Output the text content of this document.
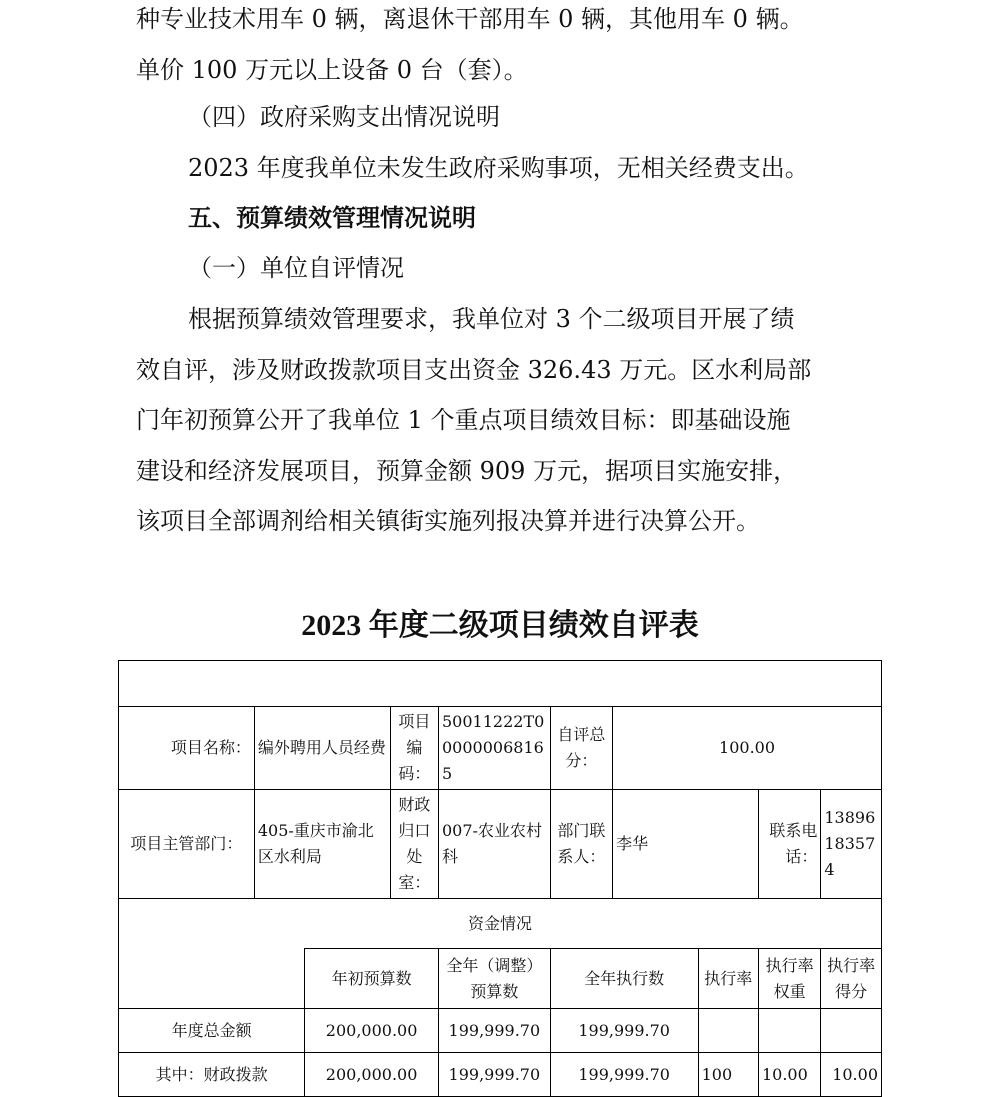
种专业技术用车 0 辆，离退休干部用车 0 辆，其他用车 0 辆。
单价 100 万元以上设备 0 台（套）。
（四）政府采购支出情况说明
2023 年度我单位未发生政府采购事项，无相关经费支出。
五、预算绩效管理情况说明
（一）单位自评情况
根据预算绩效管理要求，我单位对 3 个二级项目开展了绩
效自评，涉及财政拨款项目支出资金 326.43 万元。区水利局部
门年初预算公开了我单位 1 个重点项目绩效目标：即基础设施
建设和经济发展项目，预算金额 909 万元，据项目实施安排，
该项目全部调剂给相关镇街实施列报决算并进行决算公开。
2023 年度二级项目绩效自评表

项目名称：	编外聘用人员经费		项目编码：	50011222T000000068165	自评总分：	100.00			
项目主管部门：	405-重庆市渝北区水利局		财政归口处室：	007-农业农村科	部门联系人：	李华		联系电话：	13896183574
资金情况									
		年初预算数		全年（调整）预算数	全年执行数		执行率	执行率权重	执行率得分
年度总金额		200,000.00		199,999.70	199,999.70				
其中：财政拨款		200,000.00		199,999.70	199,999.70		100	10.00	10.00
